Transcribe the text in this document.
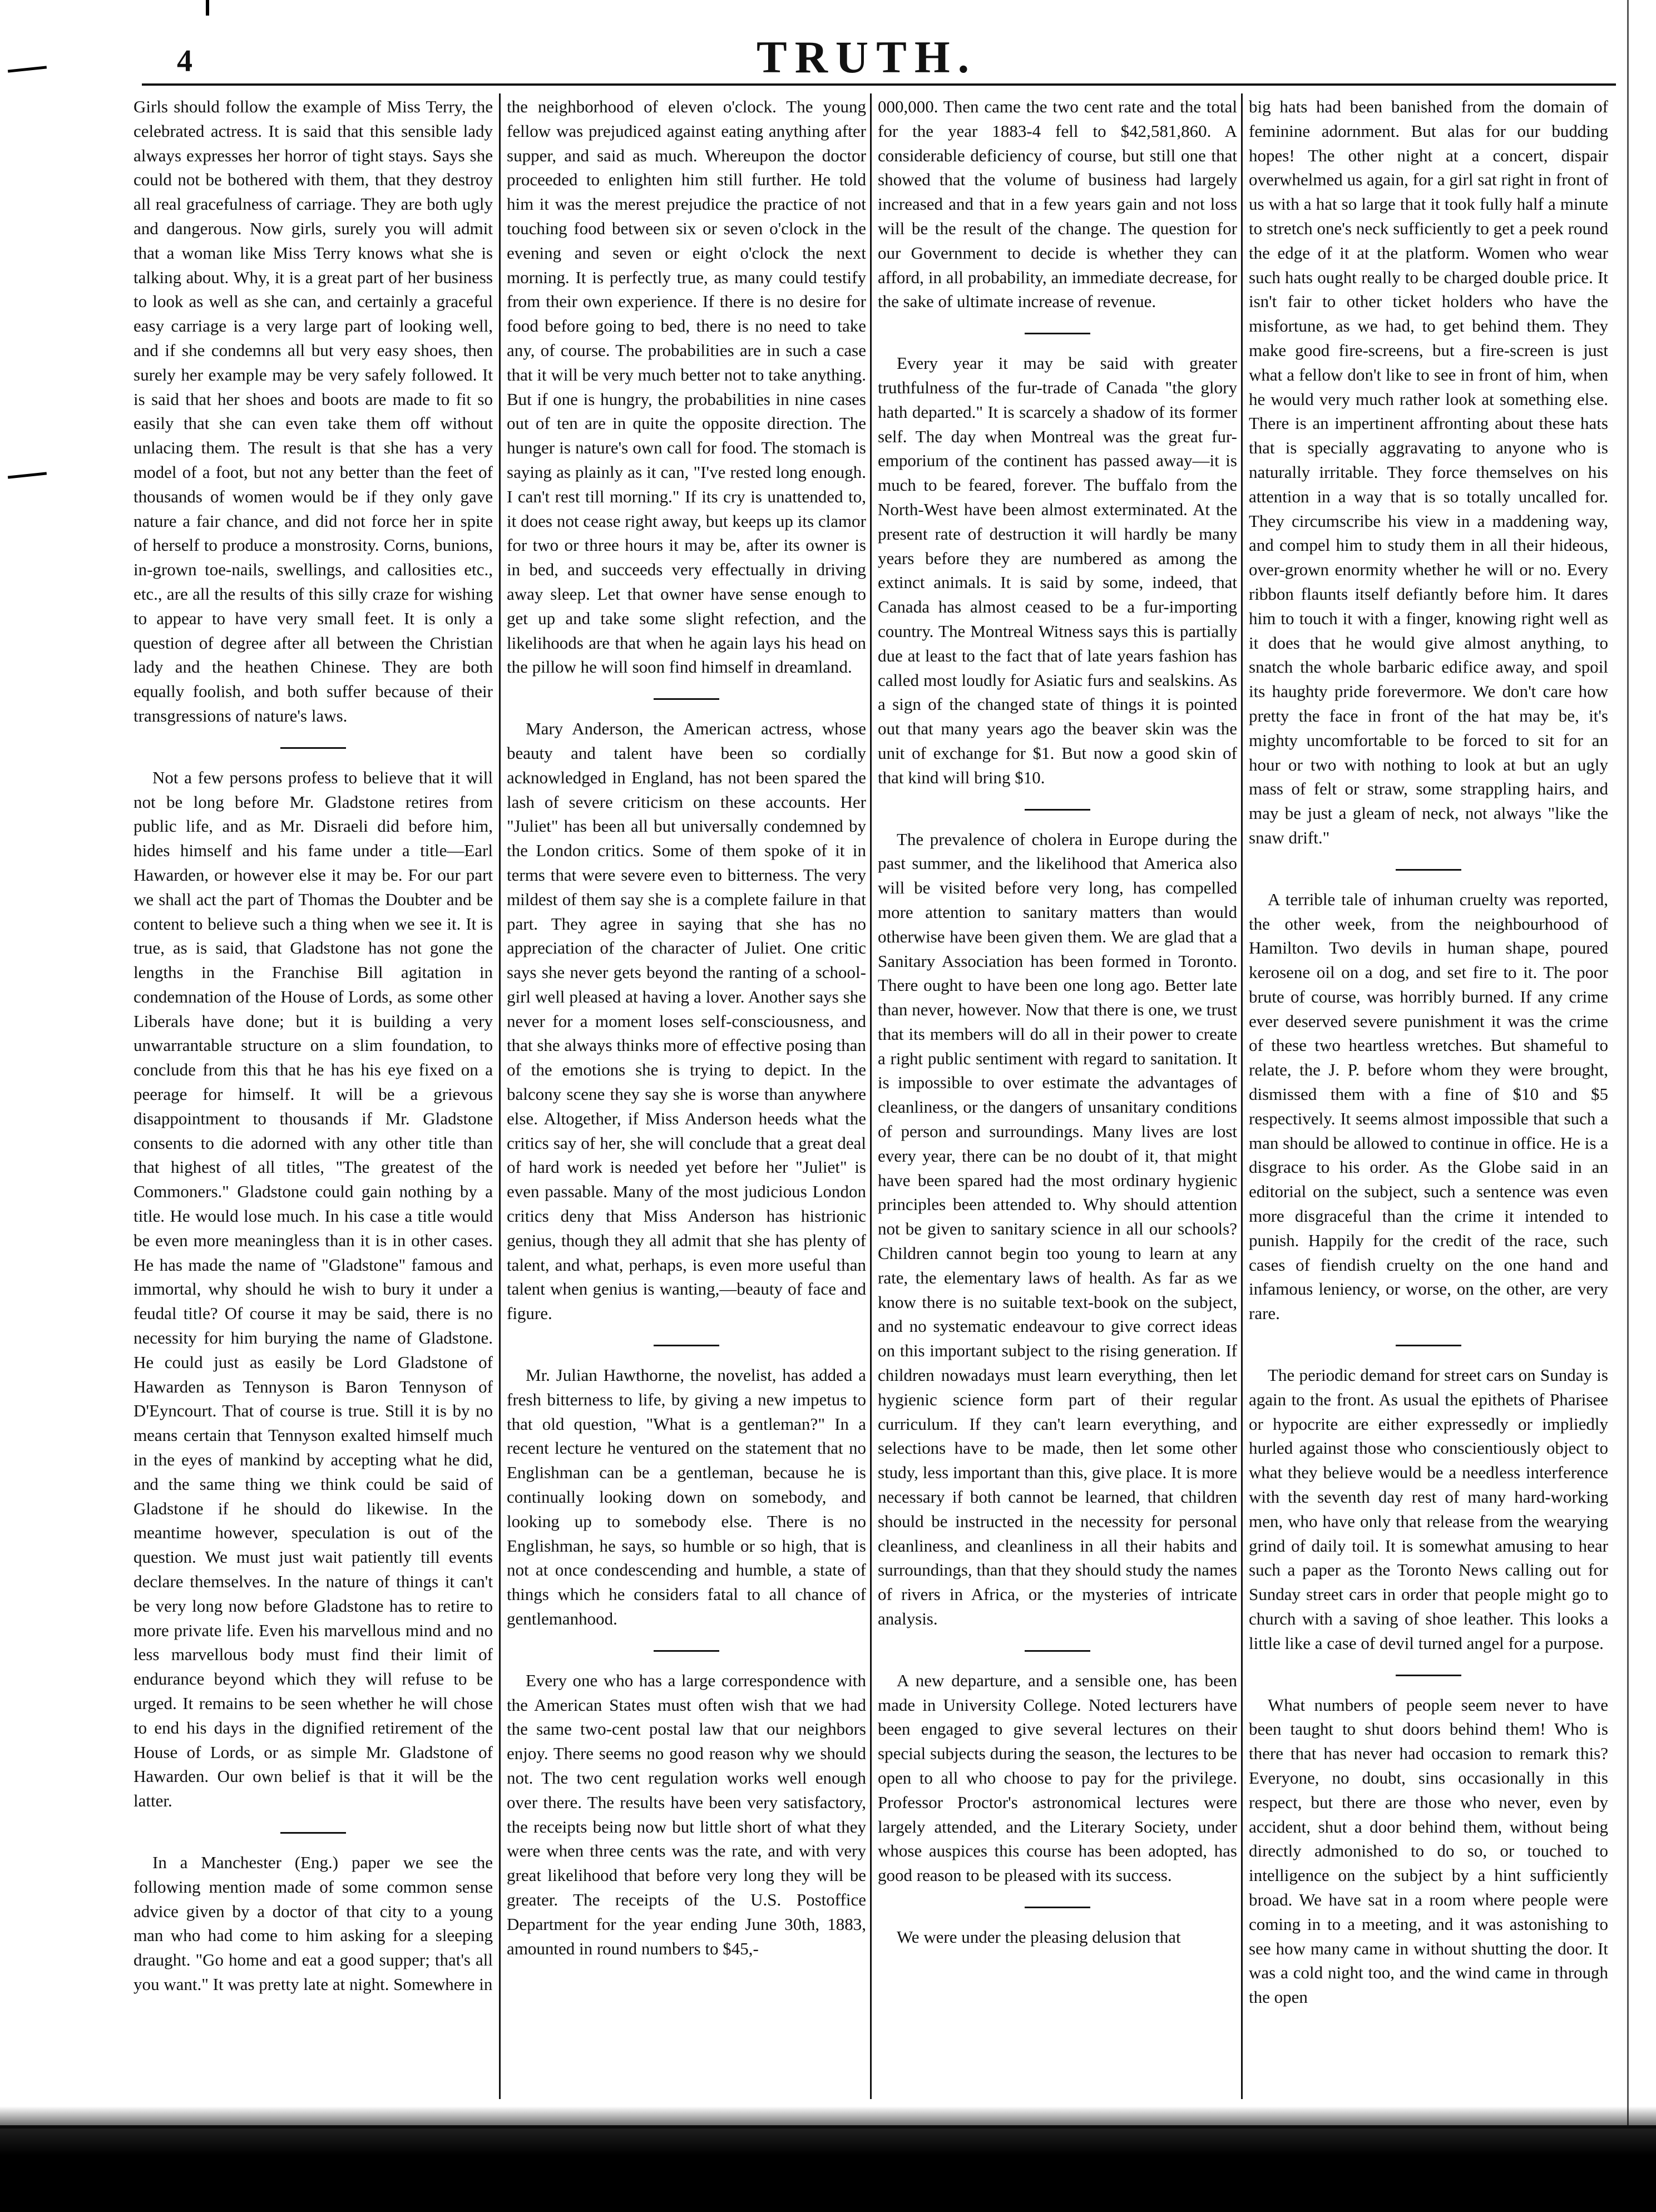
4	TRUTH.

Girls should follow the example of Miss Terry, the celebrated actress. It is said that this sensible lady always expresses her horror of tight stays. Says she could not be bothered with them, that they destroy all real gracefulness of carriage. They are both ugly and dangerous. Now girls, surely you will admit that a woman like Miss Terry knows what she is talking about. Why, it is a great part of her business to look as well as she can, and certainly a graceful easy carriage is a very large part of looking well, and if she condemns all but very easy shoes, then surely her example may be very safely followed. It is said that her shoes and boots are made to fit so easily that she can even take them off without unlacing them. The result is that she has a very model of a foot, but not any better than the feet of thousands of women would be if they only gave nature a fair chance, and did not force her in spite of herself to produce a monstrosity. Corns, bunions, in-grown toe-nails, swellings, and callosities etc., etc., are all the results of this silly craze for wishing to appear to have very small feet. It is only a question of degree after all between the Christian lady and the heathen Chinese. They are both equally foolish, and both suffer because of their transgressions of nature's laws.

Not a few persons profess to believe that it will not be long before Mr. Gladstone retires from public life, and as Mr. Disraeli did before him, hides himself and his fame under a title—Earl Hawarden, or however else it may be. For our part we shall act the part of Thomas the Doubter and be content to believe such a thing when we see it. It is true, as is said, that Gladstone has not gone the lengths in the Franchise Bill agitation in condemnation of the House of Lords, as some other Liberals have done; but it is building a very unwarrantable structure on a slim foundation, to conclude from this that he has his eye fixed on a peerage for himself. It will be a grievous disappointment to thousands if Mr. Gladstone consents to die adorned with any other title than that highest of all titles, "The greatest of the Commoners." Gladstone could gain nothing by a title. He would lose much. In his case a title would be even more meaningless than it is in other cases. He has made the name of "Gladstone" famous and immortal, why should he wish to bury it under a feudal title? Of course it may be said, there is no necessity for him burying the name of Gladstone. He could just as easily be Lord Gladstone of Hawarden as Tennyson is Baron Tennyson of D'Eyncourt. That of course is true. Still it is by no means certain that Tennyson exalted himself much in the eyes of mankind by accepting what he did, and the same thing we think could be said of Gladstone if he should do likewise. In the meantime however, speculation is out of the question. We must just wait patiently till events declare themselves. In the nature of things it can't be very long now before Gladstone has to retire to more private life. Even his marvellous mind and no less marvellous body must find their limit of endurance beyond which they will refuse to be urged. It remains to be seen whether he will chose to end his days in the dignified retirement of the House of Lords, or as simple Mr. Gladstone of Hawarden. Our own belief is that it will be the latter.

In a Manchester (Eng.) paper we see the following mention made of some common sense advice given by a doctor of that city to a young man who had come to him asking for a sleeping draught. "Go home and eat a good supper; that's all you want." It was pretty late at night. Somewhere in

the neighborhood of eleven o'clock. The young fellow was prejudiced against eating anything after supper, and said as much. Whereupon the doctor proceeded to enlighten him still further. He told him it was the merest prejudice the practice of not touching food between six or seven o'clock in the evening and seven or eight o'clock the next morning. It is perfectly true, as many could testify from their own experience. If there is no desire for food before going to bed, there is no need to take any, of course. The probabilities are in such a case that it will be very much better not to take anything. But if one is hungry, the probabilities in nine cases out of ten are in quite the opposite direction. The hunger is nature's own call for food. The stomach is saying as plainly as it can, "I've rested long enough. I can't rest till morning." If its cry is unattended to, it does not cease right away, but keeps up its clamor for two or three hours it may be, after its owner is in bed, and succeeds very effectually in driving away sleep. Let that owner have sense enough to get up and take some slight refection, and the likelihoods are that when he again lays his head on the pillow he will soon find himself in dreamland.

Mary Anderson, the American actress, whose beauty and talent have been so cordially acknowledged in England, has not been spared the lash of severe criticism on these accounts. Her "Juliet" has been all but universally condemned by the London critics. Some of them spoke of it in terms that were severe even to bitterness. The very mildest of them say she is a complete failure in that part. They agree in saying that she has no appreciation of the character of Juliet. One critic says she never gets beyond the ranting of a school-girl well pleased at having a lover. Another says she never for a moment loses self-consciousness, and that she always thinks more of effective posing than of the emotions she is trying to depict. In the balcony scene they say she is worse than anywhere else. Altogether, if Miss Anderson heeds what the critics say of her, she will conclude that a great deal of hard work is needed yet before her "Juliet" is even passable. Many of the most judicious London critics deny that Miss Anderson has histrionic genius, though they all admit that she has plenty of talent, and what, perhaps, is even more useful than talent when genius is wanting,—beauty of face and figure.

Mr. Julian Hawthorne, the novelist, has added a fresh bitterness to life, by giving a new impetus to that old question, "What is a gentleman?" In a recent lecture he ventured on the statement that no Englishman can be a gentleman, because he is continually looking down on somebody, and looking up to somebody else. There is no Englishman, he says, so humble or so high, that is not at once condescending and humble, a state of things which he considers fatal to all chance of gentlemanhood.

Every one who has a large correspondence with the American States must often wish that we had the same two-cent postal law that our neighbors enjoy. There seems no good reason why we should not. The two cent regulation works well enough over there. The results have been very satisfactory, the receipts being now but little short of what they were when three cents was the rate, and with very great likelihood that before very long they will be greater. The receipts of the U.S. Postoffice Department for the year ending June 30th, 1883, amounted in round numbers to $45,-

000,000. Then came the two cent rate and the total for the year 1883-4 fell to $42,581,860. A considerable deficiency of course, but still one that showed that the volume of business had largely increased and that in a few years gain and not loss will be the result of the change. The question for our Government to decide is whether they can afford, in all probability, an immediate decrease, for the sake of ultimate increase of revenue.

Every year it may be said with greater truthfulness of the fur-trade of Canada "the glory hath departed." It is scarcely a shadow of its former self. The day when Montreal was the great fur-emporium of the continent has passed away—it is much to be feared, forever. The buffalo from the North-West have been almost exterminated. At the present rate of destruction it will hardly be many years before they are numbered as among the extinct animals. It is said by some, indeed, that Canada has almost ceased to be a fur-importing country. The Montreal Witness says this is partially due at least to the fact that of late years fashion has called most loudly for Asiatic furs and sealskins. As a sign of the changed state of things it is pointed out that many years ago the beaver skin was the unit of exchange for $1. But now a good skin of that kind will bring $10.

The prevalence of cholera in Europe during the past summer, and the likelihood that America also will be visited before very long, has compelled more attention to sanitary matters than would otherwise have been given them. We are glad that a Sanitary Association has been formed in Toronto. There ought to have been one long ago. Better late than never, however. Now that there is one, we trust that its members will do all in their power to create a right public sentiment with regard to sanitation. It is impossible to over estimate the advantages of cleanliness, or the dangers of unsanitary conditions of person and surroundings. Many lives are lost every year, there can be no doubt of it, that might have been spared had the most ordinary hygienic principles been attended to. Why should attention not be given to sanitary science in all our schools? Children cannot begin too young to learn at any rate, the elementary laws of health. As far as we know there is no suitable text-book on the subject, and no systematic endeavour to give correct ideas on this important subject to the rising generation. If children nowadays must learn everything, then let hygienic science form part of their regular curriculum. If they can't learn everything, and selections have to be made, then let some other study, less important than this, give place. It is more necessary if both cannot be learned, that children should be instructed in the necessity for personal cleanliness, and cleanliness in all their habits and surroundings, than that they should study the names of rivers in Africa, or the mysteries of intricate analysis.

A new departure, and a sensible one, has been made in University College. Noted lecturers have been engaged to give several lectures on their special subjects during the season, the lectures to be open to all who choose to pay for the privilege. Professor Proctor's astronomical lectures were largely attended, and the Literary Society, under whose auspices this course has been adopted, has good reason to be pleased with its success.

We were under the pleasing delusion that

big hats had been banished from the domain of feminine adornment. But alas for our budding hopes! The other night at a concert, dispair overwhelmed us again, for a girl sat right in front of us with a hat so large that it took fully half a minute to stretch one's neck sufficiently to get a peek round the edge of it at the platform. Women who wear such hats ought really to be charged double price. It isn't fair to other ticket holders who have the misfortune, as we had, to get behind them. They make good fire-screens, but a fire-screen is just what a fellow don't like to see in front of him, when he would very much rather look at something else. There is an impertinent affronting about these hats that is specially aggravating to anyone who is naturally irritable. They force themselves on his attention in a way that is so totally uncalled for. They circumscribe his view in a maddening way, and compel him to study them in all their hideous, over-grown enormity whether he will or no. Every ribbon flaunts itself defiantly before him. It dares him to touch it with a finger, knowing right well as it does that he would give almost anything, to snatch the whole barbaric edifice away, and spoil its haughty pride forevermore. We don't care how pretty the face in front of the hat may be, it's mighty uncomfortable to be forced to sit for an hour or two with nothing to look at but an ugly mass of felt or straw, some strappling hairs, and may be just a gleam of neck, not always "like the snaw drift."

A terrible tale of inhuman cruelty was reported, the other week, from the neighbourhood of Hamilton. Two devils in human shape, poured kerosene oil on a dog, and set fire to it. The poor brute of course, was horribly burned. If any crime ever deserved severe punishment it was the crime of these two heartless wretches. But shameful to relate, the J. P. before whom they were brought, dismissed them with a fine of $10 and $5 respectively. It seems almost impossible that such a man should be allowed to continue in office. He is a disgrace to his order. As the Globe said in an editorial on the subject, such a sentence was even more disgraceful than the crime it intended to punish. Happily for the credit of the race, such cases of fiendish cruelty on the one hand and infamous leniency, or worse, on the other, are very rare.

The periodic demand for street cars on Sunday is again to the front. As usual the epithets of Pharisee or hypocrite are either expressedly or impliedly hurled against those who conscientiously object to what they believe would be a needless interference with the seventh day rest of many hard-working men, who have only that release from the wearying grind of daily toil. It is somewhat amusing to hear such a paper as the Toronto News calling out for Sunday street cars in order that people might go to church with a saving of shoe leather. This looks a little like a case of devil turned angel for a purpose.

What numbers of people seem never to have been taught to shut doors behind them! Who is there that has never had occasion to remark this? Everyone, no doubt, sins occasionally in this respect, but there are those who never, even by accident, shut a door behind them, without being directly admonished to do so, or touched to intelligence on the subject by a hint sufficiently broad. We have sat in a room where people were coming in to a meeting, and it was astonishing to see how many came in without shutting the door. It was a cold night too, and the wind came in through the open
